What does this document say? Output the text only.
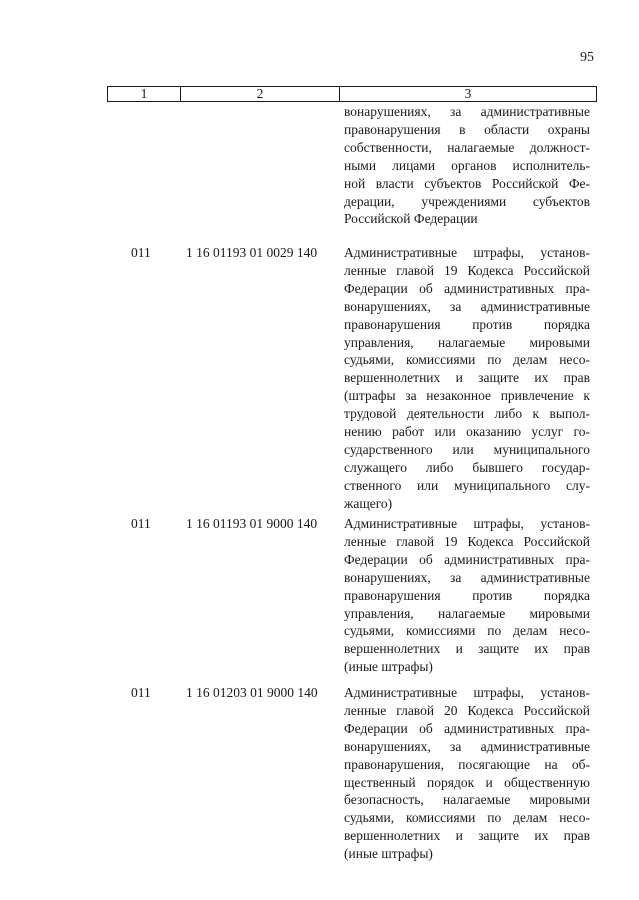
95
1	2	3
вонарушениях, за административные
правонарушения в области охраны
собственности, налагаемые должност-
ными лицами органов исполнитель-
ной власти субъектов Российской Фе-
дерации, учреждениями субъектов
Российской Федерации
011	1 16 01193 01 0029 140	Административные штрафы, установ-
ленные главой 19 Кодекса Российской
Федерации об административных пра-
вонарушениях, за административные
правонарушения против порядка
управления, налагаемые мировыми
судьями, комиссиями по делам несо-
вершеннолетних и защите их прав
(штрафы за незаконное привлечение к
трудовой деятельности либо к выпол-
нению работ или оказанию услуг го-
сударственного или муниципального
служащего либо бывшего государ-
ственного или муниципального слу-
жащего)
011	1 16 01193 01 9000 140	Административные штрафы, установ-
ленные главой 19 Кодекса Российской
Федерации об административных пра-
вонарушениях, за административные
правонарушения против порядка
управления, налагаемые мировыми
судьями, комиссиями по делам несо-
вершеннолетних и защите их прав
(иные штрафы)
011	1 16 01203 01 9000 140	Административные штрафы, установ-
ленные главой 20 Кодекса Российской
Федерации об административных пра-
вонарушениях, за административные
правонарушения, посягающие на об-
щественный порядок и общественную
безопасность, налагаемые мировыми
судьями, комиссиями по делам несо-
вершеннолетних и защите их прав
(иные штрафы)
